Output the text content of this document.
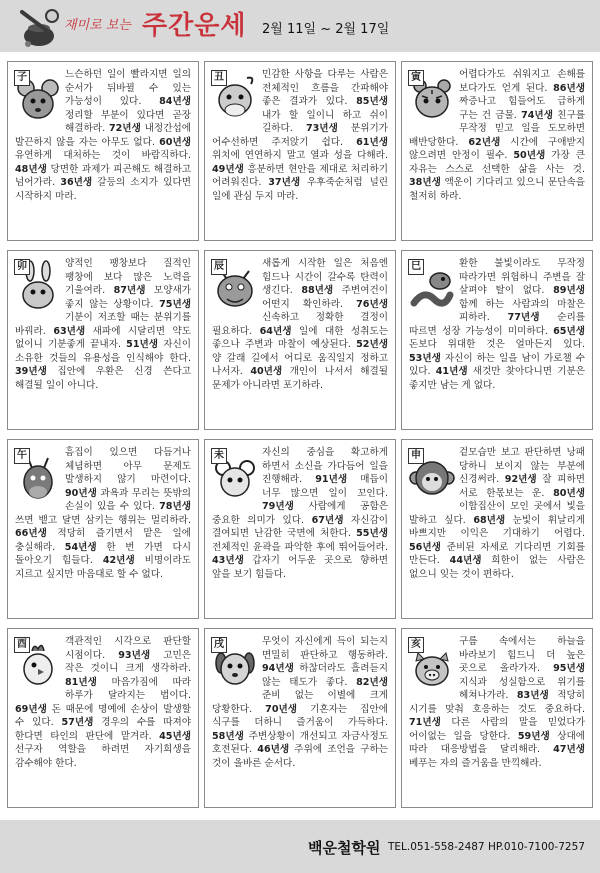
재미로 보는 주간운세 2월 11일 ~ 2월 17일
子	느슨하던 일이 빨라지면 일의 순서가 뒤바뀔 수 있는 가능성이 있다. 84년생 정리할 부분이 있다면 곧장 해결하라. 72년생 내정간섭에 발끈하지 않을 자는 아무도 없다. 60년생 유연하게 대처하는 것이 바람직하다. 48년생 당면한 과제가 피곤해도 해결하고 넘어가라. 36년생 갈등의 소지가 있다면 시작하지 마라.
丑	민감한 사항을 다루는 사람은 전체적인 흐름을 간파해야 좋은 결과가 있다. 85년생 내가 할 일이니 하고 쉬이 길하다. 73년생 분위기가 어수선하면 주저앉기 쉽다. 61년생 위치에 연연하지 말고 열과 성을 다해라. 49년생 흥분하면 현안을 제대로 처리하기 어려워진다. 37년생 우후죽순처럼 널린 일에 관심 두지 마라.
寅	어렵다가도 쉬워지고 손해를 보다가도 얻게 된다. 86년생 짜증나고 힘들어도 급하게 구는 건 금물. 74년생 친구를 무작정 믿고 일을 도모하면 배반당한다. 62년생 시간에 구애받지 않으려면 안정이 필수. 50년생 가장 큰 자유는 스스로 선택한 삶을 사는 것. 38년생 액운이 기다리고 있으니 문단속을 철저히 하라.
卯	양적인 팽창보다 질적인 팽창에 보다 많은 노력을 기울여라. 87년생 모양새가 좋지 않는 상황이다. 75년생 기분이 저조할 때는 분위기를 바꿔라. 63년생 새파에 시달리면 약도 없이니 기분좋게 끝내자. 51년생 자신이 소유한 것들의 유용성을 인식해야 한다. 39년생 집안에 우환은 신경 쓴다고 해결될 일이 아니다.
辰	새롭게 시작한 일은 처음엔 힘드나 시간이 갈수록 탄력이 생긴다. 88년생 주변여건이 어떤지 확인하라. 76년생 신속하고 정확한 결정이 필요하다. 64년생 일에 대한 성취도는 좋으나 주변과 마찰이 예상된다. 52년생 양 갈래 길에서 어디로 움직일지 정하고 나서자. 40년생 개인이 나서서 해결될 문제가 아니라면 포기하라.
巳	환한 불빛이라도 무작정 따라가면 위험하니 주변을 잘 살펴야 탈이 없다. 89년생 함께 하는 사람과의 마찰은 피하라. 77년생 순리를 따르면 성장 가능성이 미미하다. 65년생 돈보다 위대한 것은 얼마든지 있다. 53년생 자신이 하는 일을 남이 가로챌 수 있다. 41년생 새것만 찾아다니면 기분은 좋지만 남는 게 없다.
午	흠집이 있으면 다듬거나 체념하면 아무 문제도 발생하지 않기 마련이다. 90년생 과욕과 무리는 뜻밖의 손실이 있을 수 있다. 78년생 쓰면 뱉고 달면 삼키는 행위는 멀리하라. 66년생 적당히 즐기면서 맡은 일에 충실해라. 54년생 한 번 가면 다시 돌아오기 힘들다. 42년생 비명이라도 지르고 싶지만 마음대로 할 수 없다.
未	자신의 중심을 확고하게 하면서 소신을 가다듬어 일을 진행해라. 91년생 매듭이 너무 많으면 일이 꼬인다. 79년생 사람에게 공함은 중요한 의미가 있다. 67년생 자신감이 결여되면 난감한 국면에 처한다. 55년생 전체적인 윤곽을 파악한 후에 뛰어들어라. 43년생 갑자기 어두운 곳으로 향하면 앞을 보기 힘들다.
申	겉모습만 보고 판단하면 낭패 당하니 보이지 않는 부분에 신경써라. 92년생 잘 피하면 서로 한몫보는 운. 80년생 이합집산이 모인 곳에서 빛을 발하고 싶다. 68년생 눈빛이 휘날리게 바쁘지만 이익은 기대하기 어렵다. 56년생 준비된 자세로 기다리면 기회를 만든다. 44년생 희한이 없는 사람은 없으니 잊는 것이 편하다.
酉	객관적인 시각으로 판단할 시점이다. 93년생 고민은 작은 것이니 크게 생각하라. 81년생 마음가짐에 따라 하루가 달라지는 법이다. 69년생 돈 때문에 명예에 손상이 발생할 수 있다. 57년생 경우의 수를 따져야 한다면 타인의 판단에 맡겨라. 45년생 선구자 역할을 하려면 자기희생을 감수해야 한다.
戌	무엇이 자신에게 득이 되는지 면밀히 판단하고 행동하라. 94년생 하찮더라도 흘려듣지 않는 태도가 좋다. 82년생 준비 없는 이별에 크게 당황한다. 70년생 기혼자는 집안에 식구를 더하니 즐거움이 가득하다. 58년생 주변상황이 개선되고 자금사정도 호전된다. 46년생 주위에 조언을 구하는 것이 올바른 순서다.
亥	구름 속에서는 하늘을 바라보기 힘드니 더 높은 곳으로 올라가자. 95년생 지식과 성실함으로 위기를 헤쳐나가라. 83년생 적당히 시기를 맞춰 호응하는 것도 중요하다. 71년생 다른 사람의 말을 믿었다가 어이없는 일을 당한다. 59년생 상대에 따라 대응방법을 달리해라. 47년생 베푸는 자의 즐거움을 만끽해라.
백운철학원 TEL.051-558-2487 HP.010-7100-7257
